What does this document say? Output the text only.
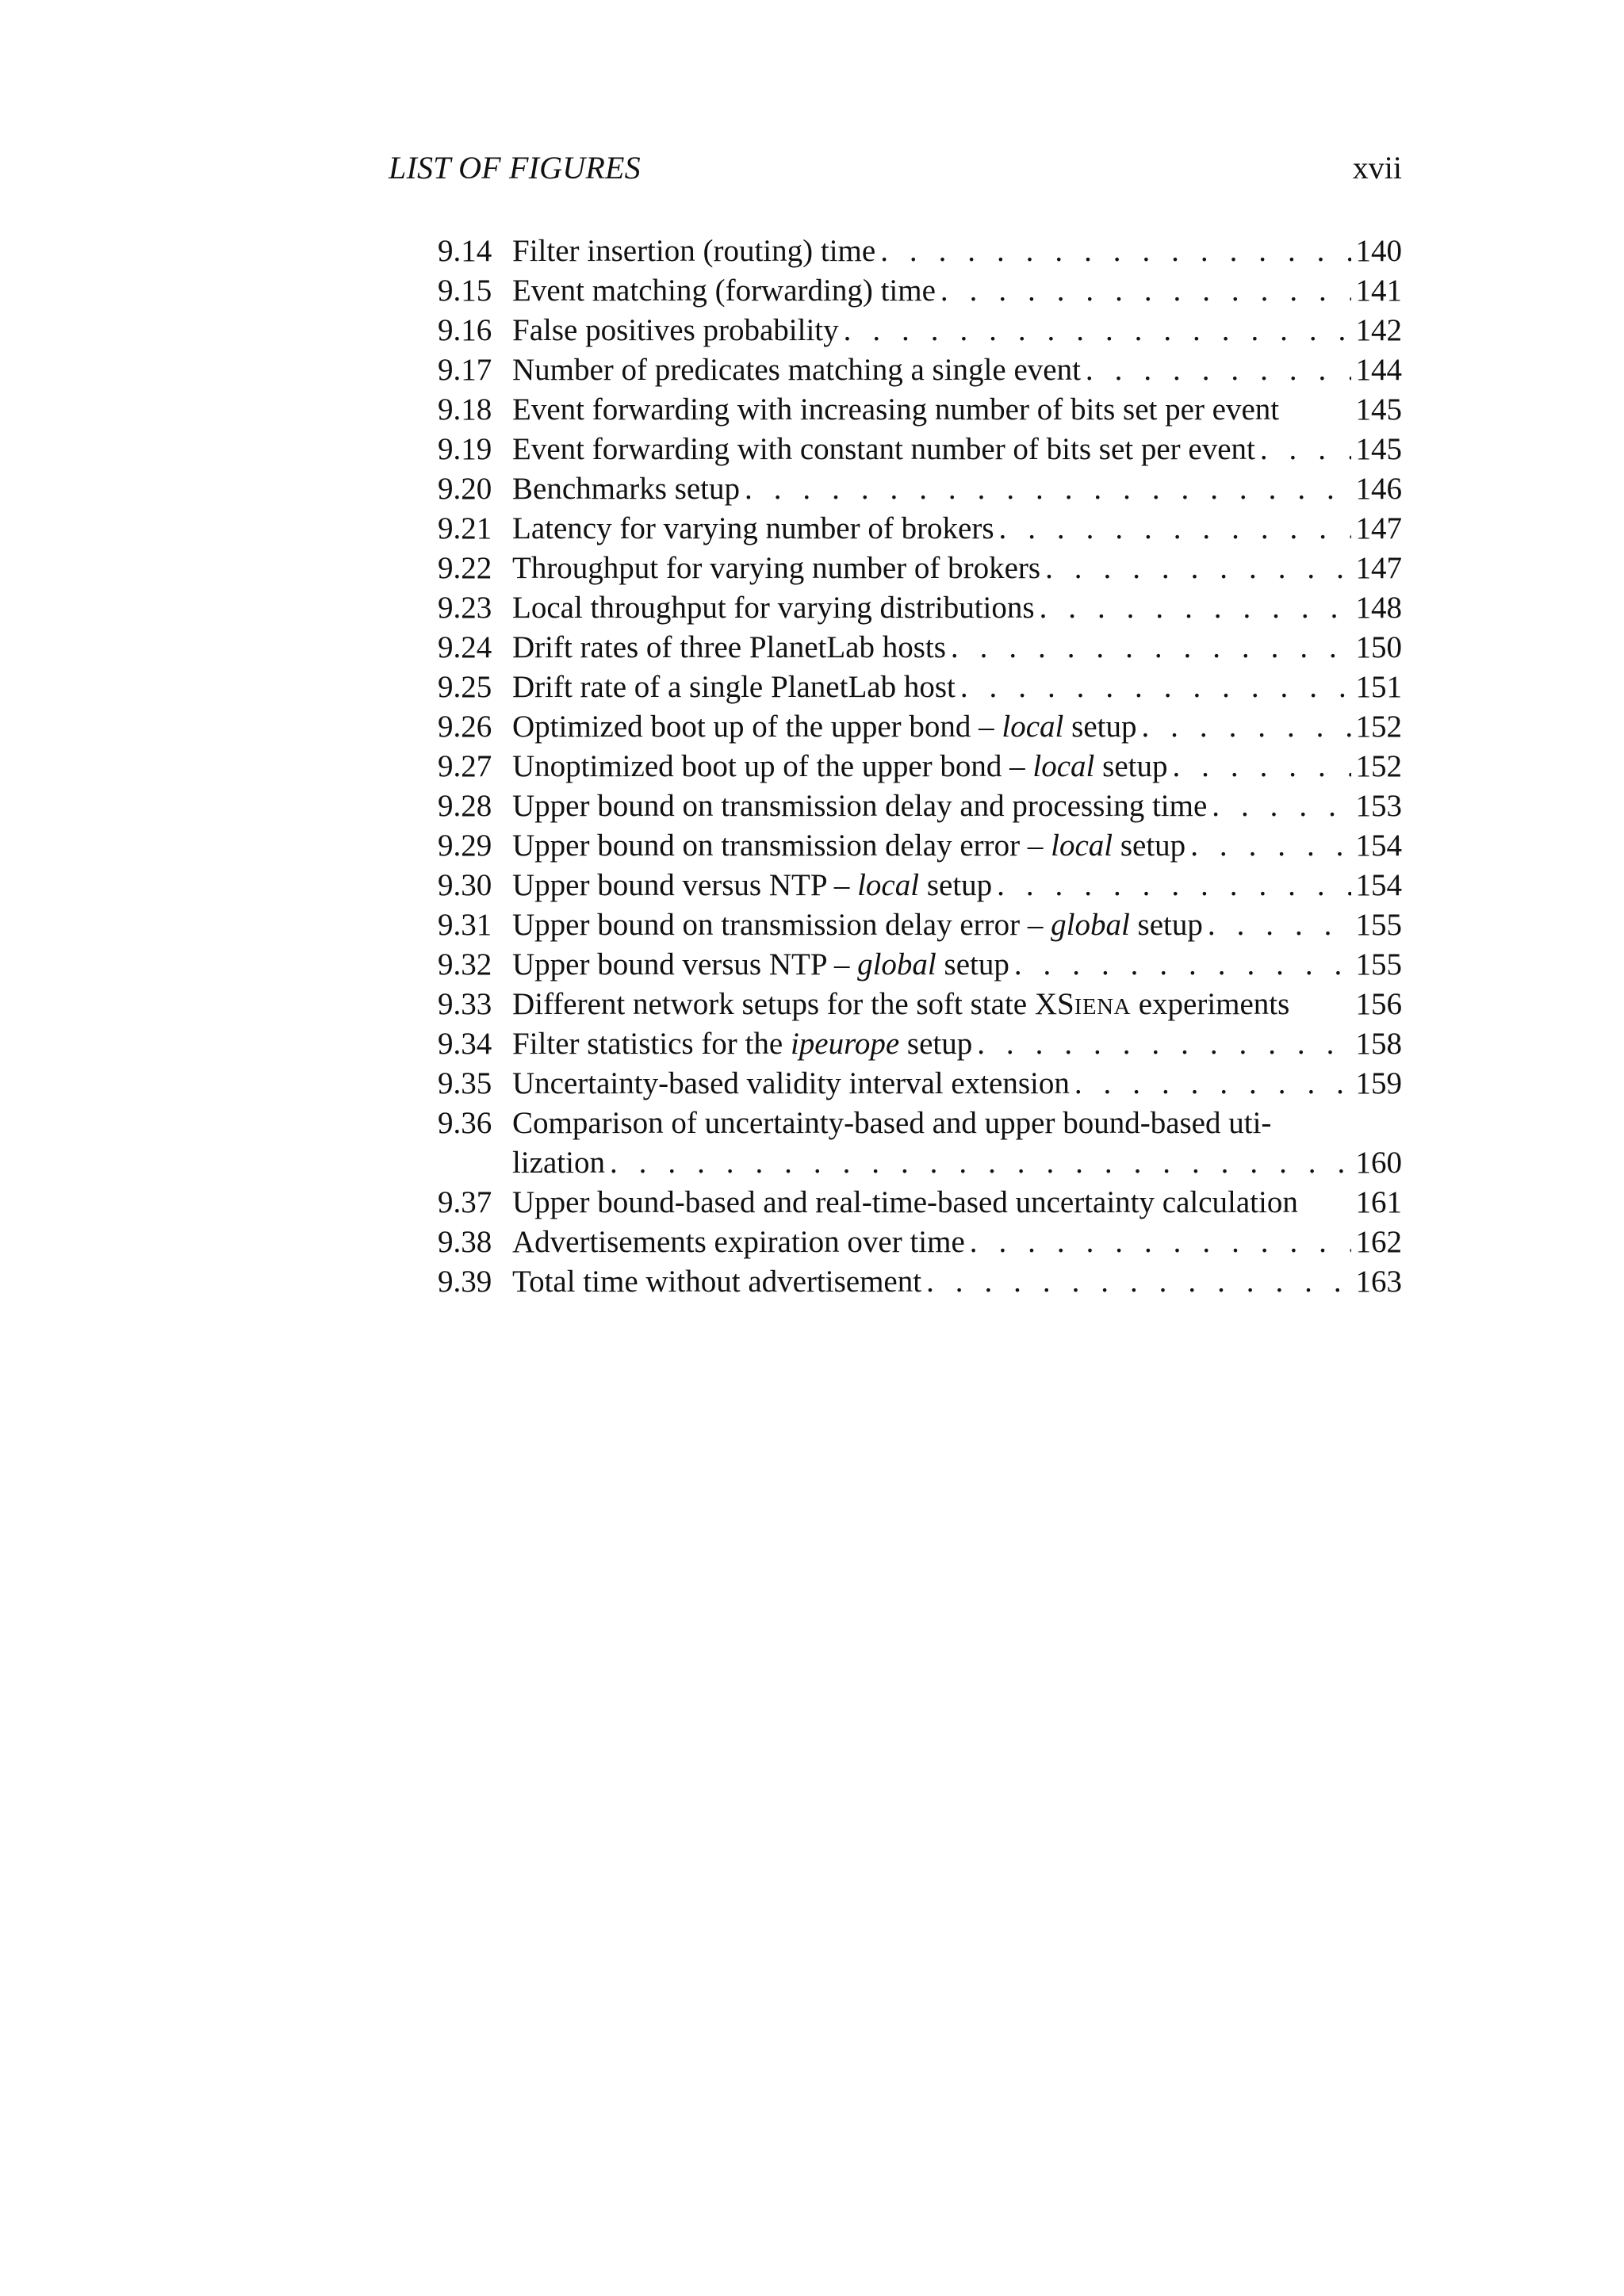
LIST OF FIGURES	xvii
9.14 Filter insertion (routing) time . . .	140
9.15 Event matching (forwarding) time . . .	141
9.16 False positives probability . . .	142
9.17 Number of predicates matching a single event . . .	144
9.18 Event forwarding with increasing number of bits set per event 145
9.19 Event forwarding with constant number of bits set per event . . .	145
9.20 Benchmarks setup . . .	146
9.21 Latency for varying number of brokers . . .	147
9.22 Throughput for varying number of brokers . . .	147
9.23 Local throughput for varying distributions . . .	148
9.24 Drift rates of three PlanetLab hosts . . .	150
9.25 Drift rate of a single PlanetLab host . . .	151
9.26 Optimized boot up of the upper bond – local setup . . .	152
9.27 Unoptimized boot up of the upper bond – local setup . . .	152
9.28 Upper bound on transmission delay and processing time . . .	153
9.29 Upper bound on transmission delay error – local setup . . .	154
9.30 Upper bound versus NTP – local setup . . .	154
9.31 Upper bound on transmission delay error – global setup . . .	155
9.32 Upper bound versus NTP – global setup . . .	155
9.33 Different network setups for the soft state XSIENA experiments 156
9.34 Filter statistics for the ipeurope setup . . .	158
9.35 Uncertainty-based validity interval extension . . .	159
9.36 Comparison of uncertainty-based and upper bound-based uti-
lization . . .	160
9.37 Upper bound-based and real-time-based uncertainty calculation 161
9.38 Advertisements expiration over time . . .	162
9.39 Total time without advertisement . . .	163
